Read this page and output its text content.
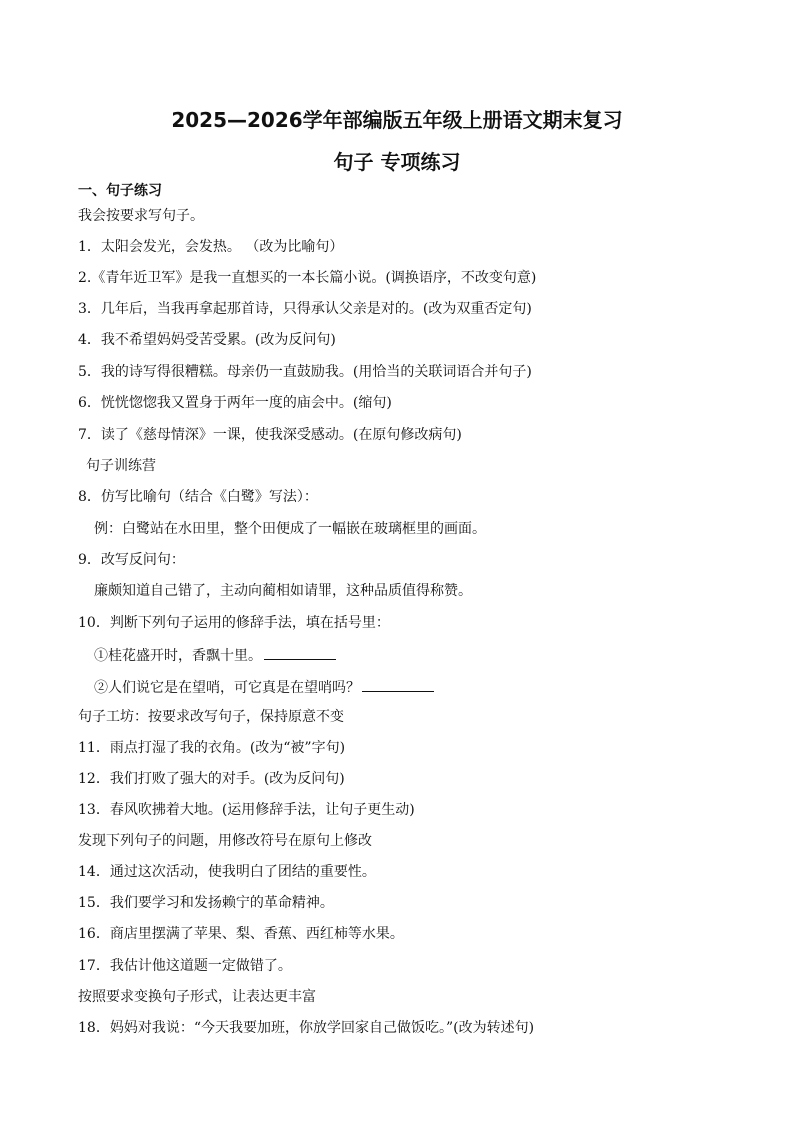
2025—2026学年部编版五年级上册语文期末复习
句子 专项练习
一、句子练习
我会按要求写句子。
1．太阳会发光，会发热。 （改为比喻句）
2.《青年近卫军》是我一直想买的一本长篇小说。(调换语序，不改变句意)
3．几年后，当我再拿起那首诗，只得承认父亲是对的。(改为双重否定句)
4．我不希望妈妈受苦受累。(改为反问句)
5．我的诗写得很糟糕。母亲仍一直鼓励我。(用恰当的关联词语合并句子)
6．恍恍惚惚我又置身于两年一度的庙会中。(缩句)
7．读了《慈母情深》一课，使我深受感动。(在原句修改病句)
句子训练营
8．仿写比喻句（结合《白鹭》写法）：
例：白鹭站在水田里，整个田便成了一幅嵌在玻璃框里的画面。
9．改写反问句：
廉颇知道自己错了，主动向蔺相如请罪，这种品质值得称赞。
10．判断下列句子运用的修辞手法，填在括号里：
①桂花盛开时，香飘十里。
②人们说它是在望哨，可它真是在望哨吗？
句子工坊：按要求改写句子，保持原意不变
11．雨点打湿了我的衣角。(改为“被”字句)
12．我们打败了强大的对手。(改为反问句)
13．春风吹拂着大地。(运用修辞手法，让句子更生动)
发现下列句子的问题，用修改符号在原句上修改
14．通过这次活动，使我明白了团结的重要性。
15．我们要学习和发扬赖宁的革命精神。
16．商店里摆满了苹果、梨、香蕉、西红柿等水果。
17．我估计他这道题一定做错了。
按照要求变换句子形式，让表达更丰富
18．妈妈对我说：“今天我要加班，你放学回家自己做饭吃。”(改为转述句)
